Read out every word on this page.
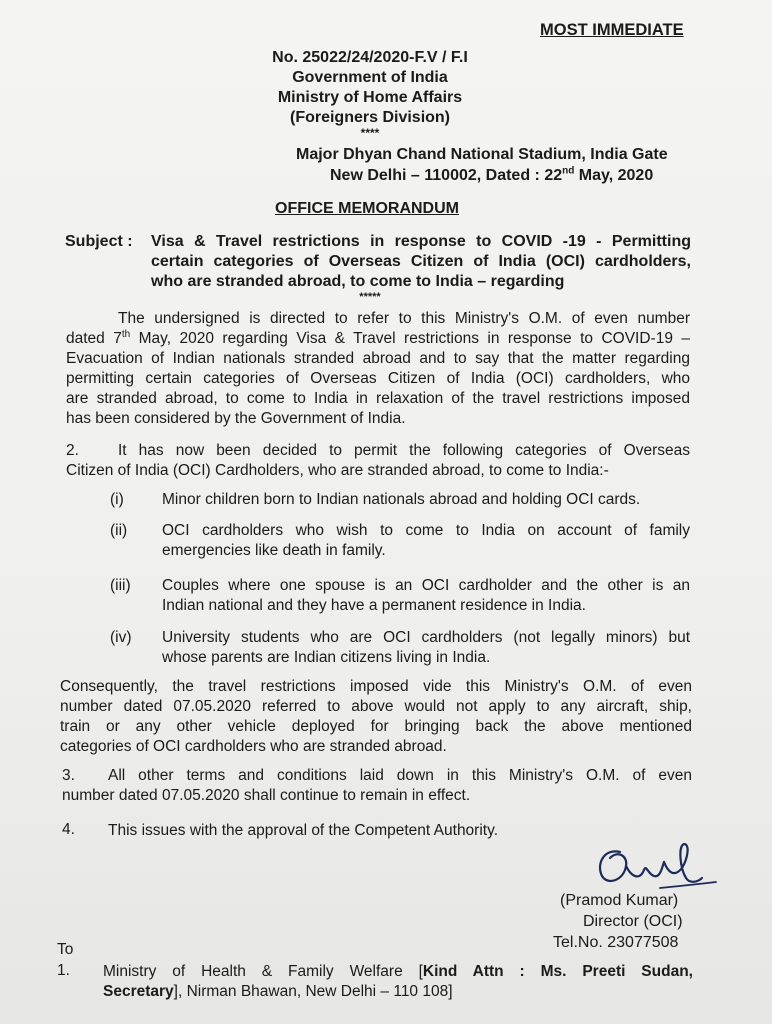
MOST IMMEDIATE
No. 25022/24/2020-F.V / F.I
Government of India
Ministry of Home Affairs
(Foreigners Division)
****
Major Dhyan Chand National Stadium, India Gate
New Delhi – 110002, Dated : 22nd May, 2020
OFFICE MEMORANDUM
Subject : Visa & Travel restrictions in response to COVID -19 - Permitting
certain categories of Overseas Citizen of India (OCI) cardholders,
who are stranded abroad, to come to India – regarding
*****
The undersigned is directed to refer to this Ministry's O.M. of even number
dated 7th May, 2020 regarding Visa & Travel restrictions in response to COVID-19 –
Evacuation of Indian nationals stranded abroad and to say that the matter regarding
permitting certain categories of Overseas Citizen of India (OCI) cardholders, who
are stranded abroad, to come to India in relaxation of the travel restrictions imposed
has been considered by the Government of India.
2.	It has now been decided to permit the following categories of Overseas
Citizen of India (OCI) Cardholders, who are stranded abroad, to come to India:-
(i) Minor children born to Indian nationals abroad and holding OCI cards.
(ii) OCI cardholders who wish to come to India on account of family
emergencies like death in family.
(iii) Couples where one spouse is an OCI cardholder and the other is an
Indian national and they have a permanent residence in India.
(iv) University students who are OCI cardholders (not legally minors) but
whose parents are Indian citizens living in India.
Consequently, the travel restrictions imposed vide this Ministry's O.M. of even
number dated 07.05.2020 referred to above would not apply to any aircraft, ship,
train or any other vehicle deployed for bringing back the above mentioned
categories of OCI cardholders who are stranded abroad.
3.	All other terms and conditions laid down in this Ministry's O.M. of even
number dated 07.05.2020 shall continue to remain in effect.
4. This issues with the approval of the Competent Authority.
(Pramod Kumar)
Director (OCI)
Tel.No. 23077508
To
1. Ministry of Health & Family Welfare [Kind Attn : Ms. Preeti Sudan,
Secretary], Nirman Bhawan, New Delhi – 110 108]
